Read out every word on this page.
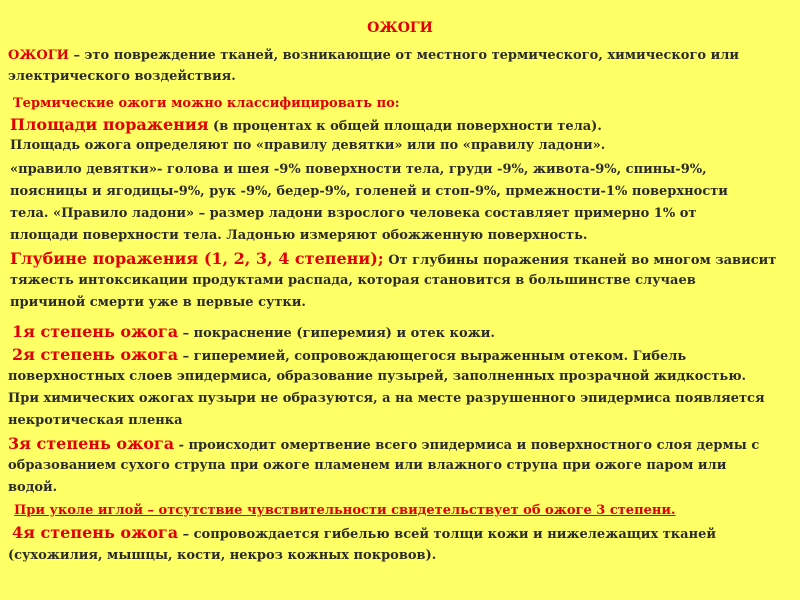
ОЖОГИ
ОЖОГИ – это повреждение тканей, возникающие от местного термического, химического или
электрического воздействия.
Термические ожоги можно классифицировать по:
Площади поражения (в процентах к общей площади поверхности тела).
Площадь ожога определяют по «правилу девятки» или по «правилу ладони».
«правило девятки»- голова и шея -9% поверхности тела, груди -9%, живота-9%, спины-9%,
поясницы и ягодицы-9%, рук -9%, бедер-9%, голеней и стоп-9%, прмежности-1% поверхности
тела. «Правило ладони» – размер ладони взрослого человека составляет примерно 1% от
площади поверхности тела. Ладонью измеряют обожженную поверхность.
Глубине поражения (1, 2, 3, 4 степени); От глубины поражения тканей во многом зависит
тяжесть интоксикации продуктами распада, которая становится в большинстве случаев
причиной смерти уже в первые сутки.
1я степень ожога – покраснение (гиперемия) и отек кожи.
2я степень ожога – гиперемией, сопровождающегося выраженным отеком. Гибель
поверхностных слоев эпидермиса, образование пузырей, заполненных прозрачной жидкостью.
При химических ожогах пузыри не образуются, а на месте разрушенного эпидермиса появляется
некротическая пленка
3я степень ожога - происходит омертвение всего эпидермиса и поверхностного слоя дермы с
образованием сухого струпа при ожоге пламенем или влажного струпа при ожоге паром или
водой.
При уколе иглой – отсутствие чувствительности свидетельствует об ожоге 3 степени.
4я степень ожога – сопровождается гибелью всей толщи кожи и нижележащих тканей
(сухожилия, мышцы, кости, некроз кожных покровов).
